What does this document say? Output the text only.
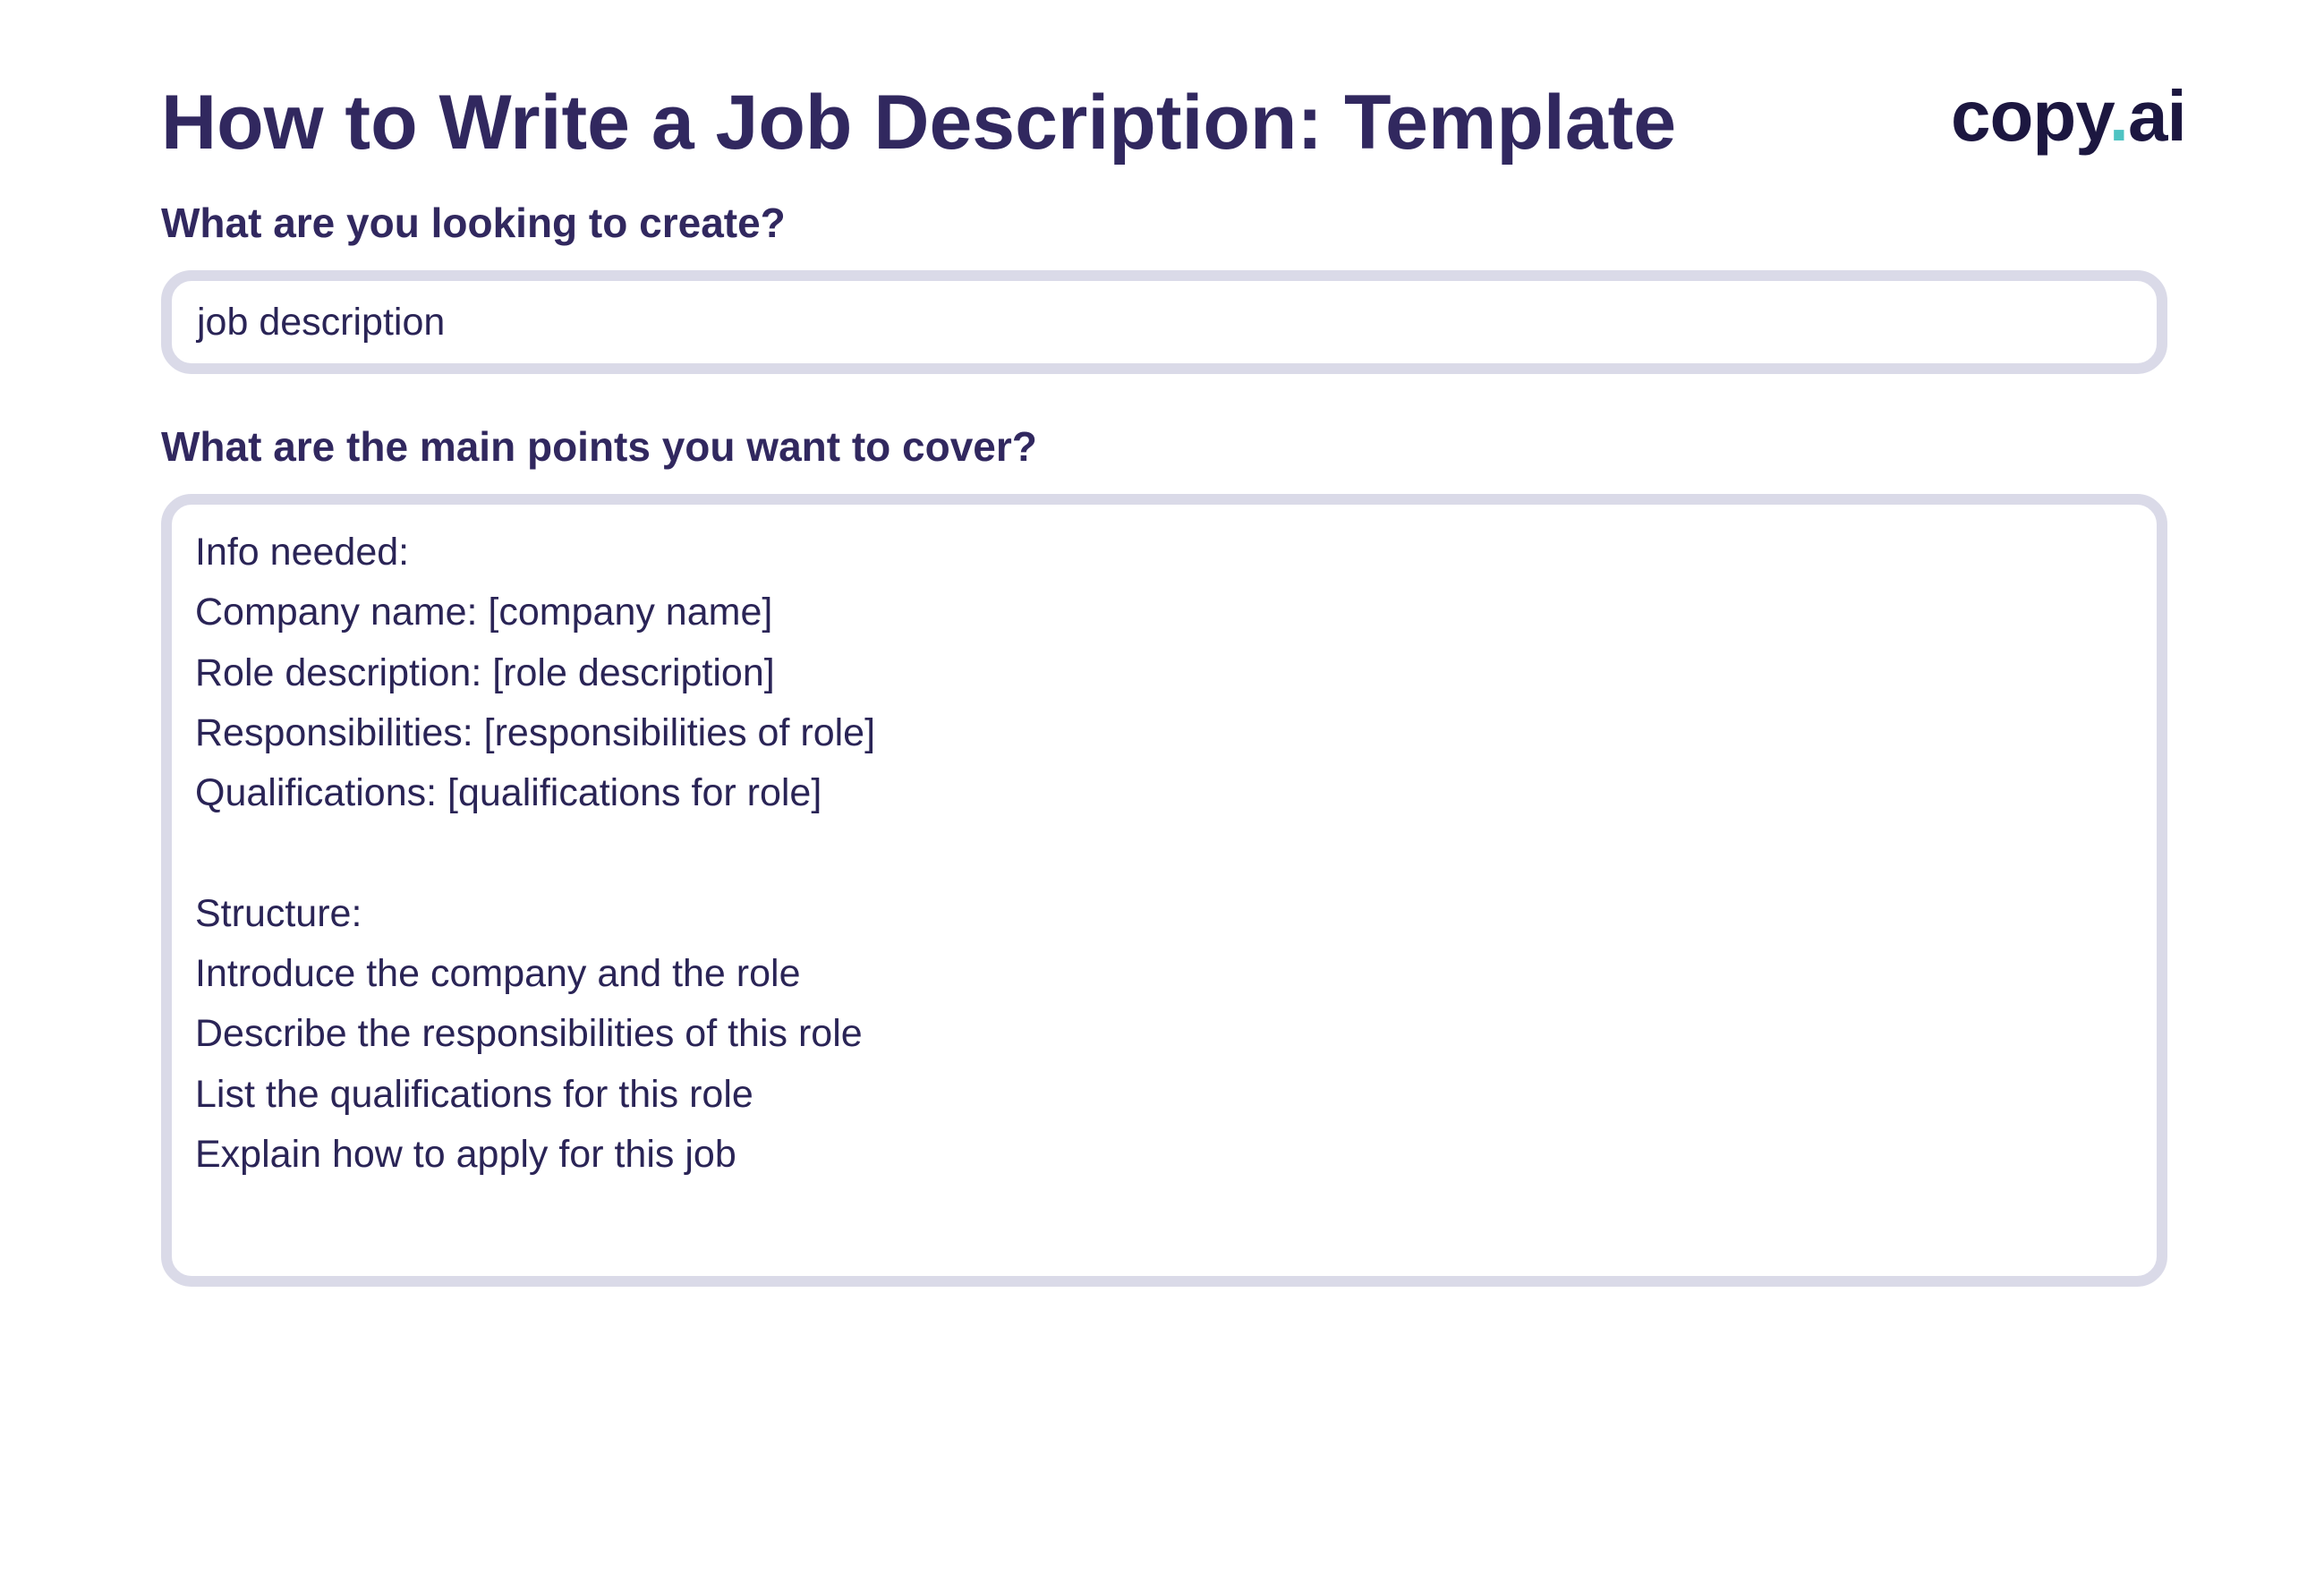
How to Write a Job Description: Template	copy.ai
What are you looking to create?
job description
What are the main points you want to cover?
Info needed:
Company name: [company name]
Role description: [role description]
Responsibilities: [responsibilities of role]
Qualifications: [qualifications for role]
Structure:
Introduce the company and the role
Describe the responsibilities of this role
List the qualifications for this role
Explain how to apply for this job
